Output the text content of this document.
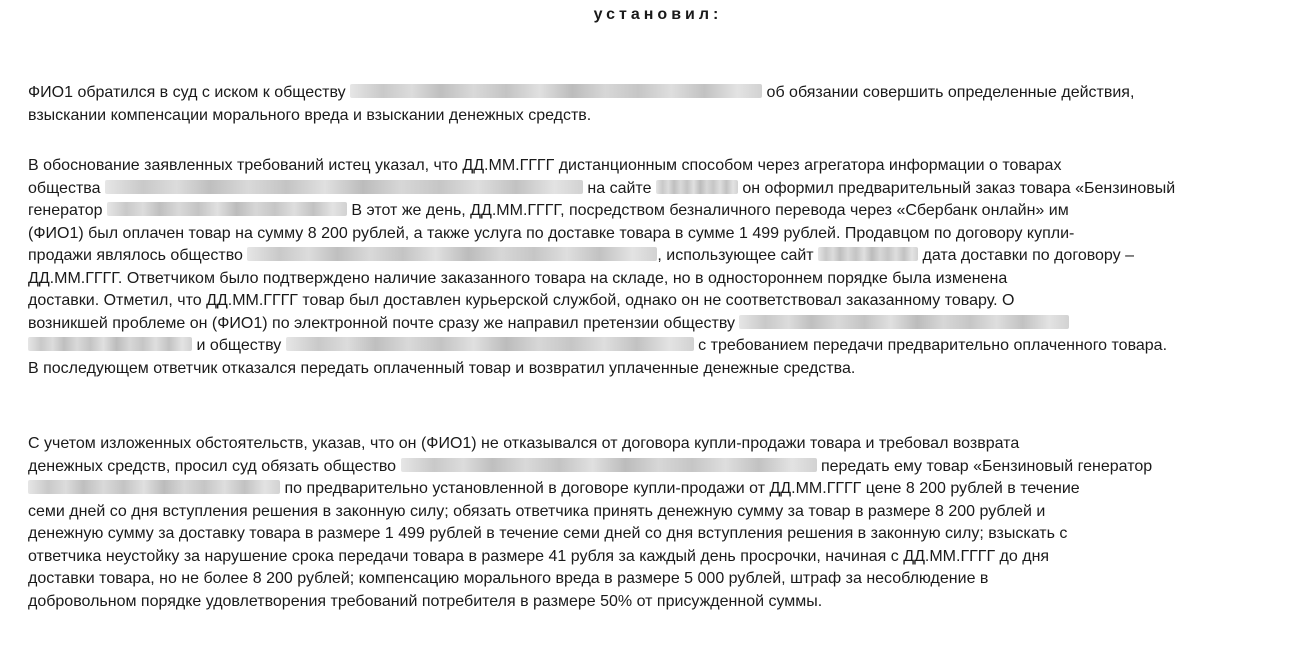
установил:
ФИО1 обратился в суд с иском к обществу	об обязании совершить определенные действия,
взыскании компенсации морального вреда и взыскании денежных средств.
В обоснование заявленных требований истец указал, что ДД.ММ.ГГГГ дистанционным способом через агрегатора информации о товарах
общества	на сайте	он оформил предварительный заказ товара «Бензиновый
генератор	В этот же день, ДД.ММ.ГГГГ, посредством безналичного перевода через «Сбербанк онлайн» им
(ФИО1) был оплачен товар на сумму 8 200 рублей, а также услуга по доставке товара в сумме 1 499 рублей. Продавцом по договору купли-
продажи являлось общество	, использующее сайт	дата доставки по договору –
ДД.ММ.ГГГГ. Ответчиком было подтверждено наличие заказанного товара на складе, но в одностороннем порядке была изменена
доставки. Отметил, что ДД.ММ.ГГГГ товар был доставлен курьерской службой, однако он не соответствовал заказанному товару. О
возникшей проблеме он (ФИО1) по электронной почте сразу же направил претензии обществу
и обществу	с требованием передачи предварительно оплаченного товара.
В последующем ответчик отказался передать оплаченный товар и возвратил уплаченные денежные средства.
С учетом изложенных обстоятельств, указав, что он (ФИО1) не отказывался от договора купли-продажи товара и требовал возврата
денежных средств, просил суд обязать общество	передать ему товар «Бензиновый генератор
по предварительно установленной в договоре купли-продажи от ДД.ММ.ГГГГ цене 8 200 рублей в течение
семи дней со дня вступления решения в законную силу; обязать ответчика принять денежную сумму за товар в размере 8 200 рублей и
денежную сумму за доставку товара в размере 1 499 рублей в течение семи дней со дня вступления решения в законную силу; взыскать с
ответчика неустойку за нарушение срока передачи товара в размере 41 рубля за каждый день просрочки, начиная с ДД.ММ.ГГГГ до дня
доставки товара, но не более 8 200 рублей; компенсацию морального вреда в размере 5 000 рублей, штраф за несоблюдение в
добровольном порядке удовлетворения требований потребителя в размере 50% от присужденной суммы.
